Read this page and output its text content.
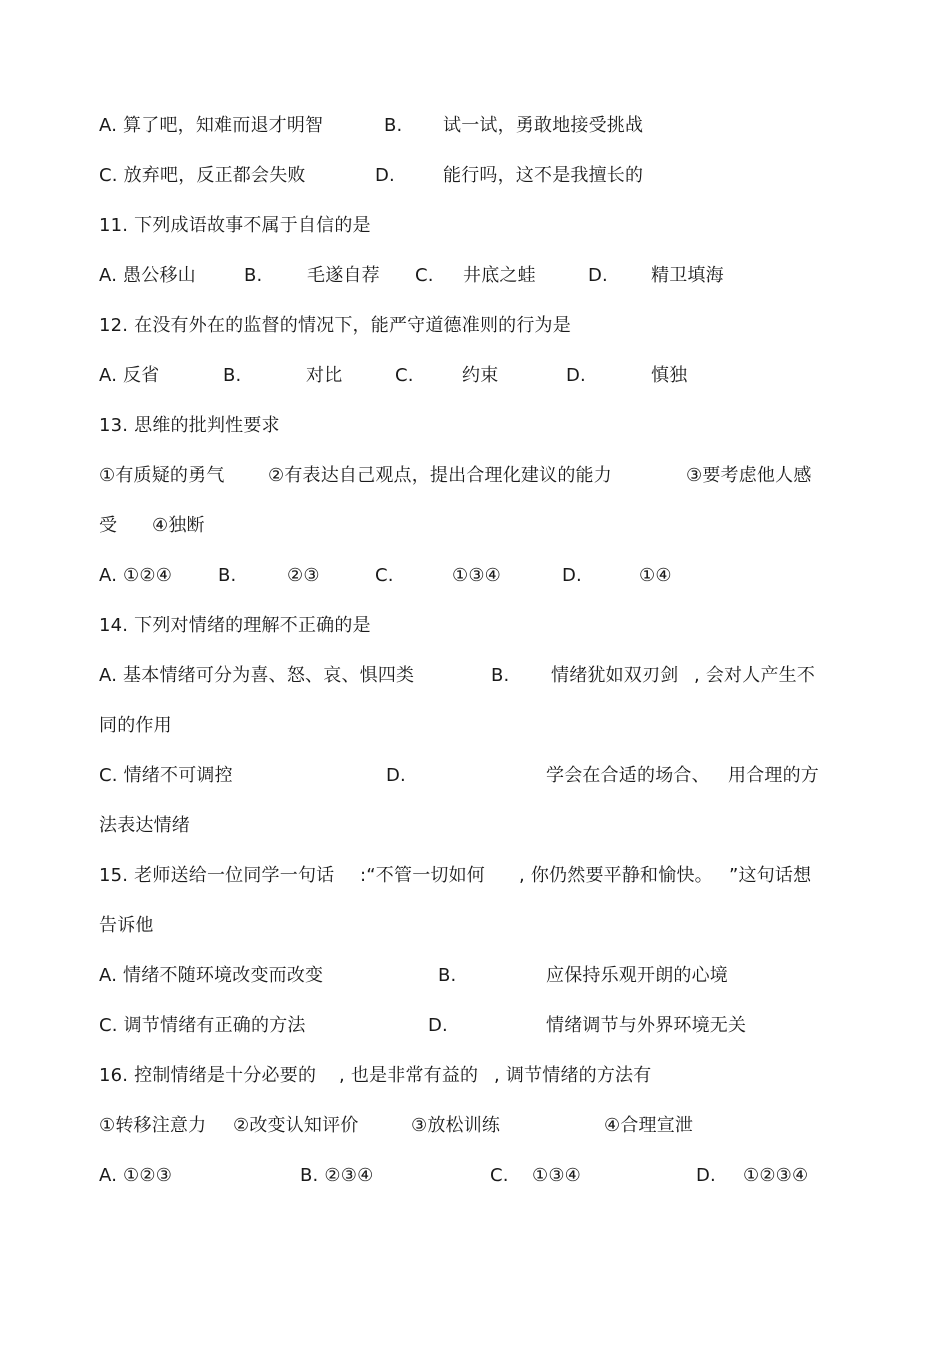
A. 算了吧，知难而退才明智	B. 试一试，勇敢地接受挑战
C. 放弃吧，反正都会失败	D.	能行吗，这不是我擅长的
11. 下列成语故事不属于自信的是
A. 愚公移山	B. 毛遂自荐 C. 井底之蛙	D. 精卫填海
12. 在没有外在的监督的情况下，能严守道德准则的行为是
A. 反省	B.	对比	C.	约束	D.	慎独
13. 思维的批判性要求
①有质疑的勇气 ②有表达自己观点，提出合理化建议的能力	③要考虑他人感
受 ④独断
A. ①②④	B.	②③	C.	①③④	D.	①④
14. 下列对情绪的理解不正确的是
A. 基本情绪可分为喜、怒、哀、惧四类	B. 情绪犹如双刃剑 , 会对人产生不
同的作用
C. 情绪不可调控	D.	学会在合适的场合、 用合理的方
法表达情绪
15. 老师送给一位同学一句话 :“不管一切如何 , 你仍然要平静和愉快。 ”这句话想
告诉他
A. 情绪不随环境改变而改变	B.	应保持乐观开朗的心境
C. 调节情绪有正确的方法	D.	情绪调节与外界环境无关
16. 控制情绪是十分必要的 , 也是非常有益的 , 调节情绪的方法有
①转移注意力 ②改变认知评价	③放松训练	④合理宣泄
A. ①②③	B. ②③④	C. ①③④	D. ①②③④
